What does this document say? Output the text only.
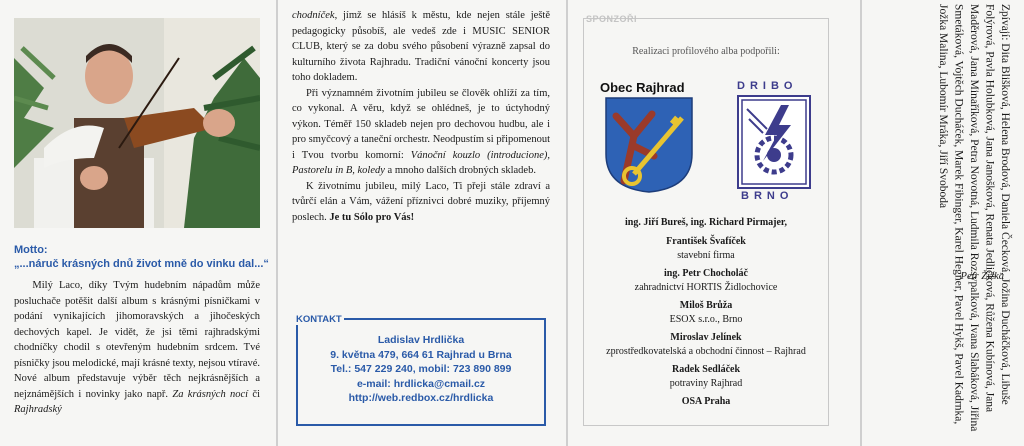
Motto:
„...náruč krásných dnů život mně do vinku dal...“
Milý Laco, díky Tvým hudebním nápadům může posluchače potěšit další album s krásnými písničkami v podání vynikajících jihomoravských a jihočeských dechových kapel. Je vidět, že jsi těmi rajhradskými chodníčky chodil s otevřeným hudebním srdcem. Tvé písničky jsou melodické, mají krásné texty, nejsou vtíravé. Nové album představuje výběr těch nejkrásnějších a nejznámějších i novinky jako např. Za krásných nocí či Rajhradský

chodníček, jímž se hlásíš k městu, kde nejen stále ještě pedagogicky působíš, ale vedeš zde i MUSIC SENIOR CLUB, který se za dobu svého působení výrazně zapsal do kulturního života Rajhradu. Tradiční vánoční koncerty jsou toho dokladem.

Při významném životním jubileu se člověk ohlíží za tím, co vykonal. A věru, když se ohlédneš, je to úctyhodný výkon. Téměř 150 skladeb nejen pro dechovou hudbu, ale i pro smyčcový a taneční orchestr. Neodpustím si připomenout i Tvou tvorbu komorní: Vánoční kouzlo (introducione), Pastorelu in B, koledy a mnoho dalších drobných skladeb.

K životnímu jubileu, milý Laco, Ti přeji stále zdraví a tvůrčí elán a Vám, vážení příznivci dobré muziky, příjemný poslech. Je tu Sólo pro Vás!

Petr Žižka
KONTAKT
Ladislav Hrdlička
9. května 479, 664 61 Rajhrad u Brna
Tel.: 547 229 240, mobil: 723 890 899
e-mail: hrdlicka@cmail.cz
http://web.redbox.cz/hrdlicka
SPONZOŘI
Realizaci profilového alba podpořili:
Obec Rajhrad	DRIBO
BRNO
ing. Jiří Bureš, ing. Richard Pirmajer,
František Švafíček
stavební firma
ing. Petr Chocholáč
zahradnictví HORTIS Židlochovice
Miloš Brůža
ESOX s.r.o., Brno
Miroslav Jelínek
zprostředkovatelská a obchodní činnost – Rajhrad
Radek Sedláček
potraviny Rajhrad
OSA Praha	Zpívají: Dita Blišková, Helena Brodová, Daniela Čecková, Jožina Ducháčková, Libuše Folýrová, Pavla Holubková, Jana Janošková, Renata Jedličková, Růžena Kubínová, Jana Maděrová, Jana Minaříková, Petra Novotná, Ludmila Rozsypalková, Ivana Slabáková, Jiřina Smetáková, Vojtěch Ducháček, Marek Fibinger, Karel Hegner, Pavel Hykš, Pavel Kadrnka, Jožka Malina, Lubomír Mráka, Jiří Svoboda
